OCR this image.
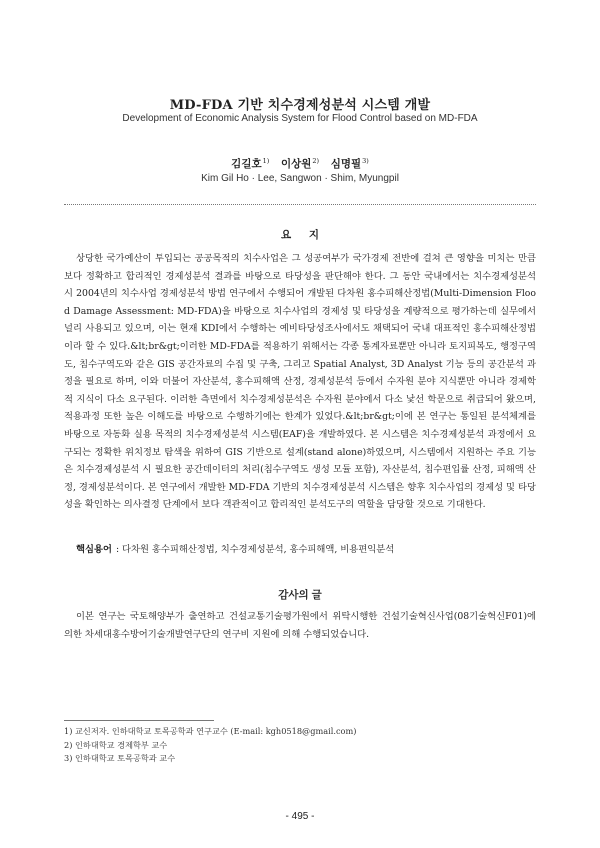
MD-FDA 기반 치수경제성분석 시스템 개발
Development of Economic Analysis System for Flood Control based on MD-FDA
김길호$^{1)}$ 이상원$^{2)}$ 심명필$^{3)}$
Kim Gil Ho · Lee, Sangwon · Shim, Myungpil
요 지
상당한 국가예산이 투입되는 공공목적의 치수사업은 그 성공여부가 국가경제 전반에 걸쳐 큰 영향을 미치는 만큼 보다 정확하고 합리적인 경제성분석 결과를 바탕으로 타당성을 판단해야 한다. 그 동안 국내에서는 치수경제성분석 시 2004년의 치수사업 경제성분석 방법 연구에서 수행되어 개발된 다차원 홍수피해산정법(Multi-Dimension Flood Damage Assessment: MD-FDA)을 바탕으로 치수사업의 경제성 및 타당성을 계량적으로 평가하는데 실무에서 널리 사용되고 있으며, 이는 현재 KDI에서 수행하는 예비타당성조사에서도 채택되어 국내 대표적인 홍수피해산정법이라 할 수 있다.&lt;br&gt;이러한 MD-FDA를 적용하기 위해서는 각종 통계자료뿐만 아니라 토지피복도, 행정구역도, 침수구역도와 같은 GIS 공간자료의 수집 및 구축, 그리고 Spatial Analyst, 3D Analyst 기능 등의 공간분석 과정을 필요로 하며, 이와 더불어 자산분석, 홍수피해액 산정, 경제성분석 등에서 수자원 분야 지식뿐만 아니라 경제학적 지식이 다소 요구된다. 이러한 측면에서 치수경제성분석은 수자원 분야에서 다소 낯선 학문으로 취급되어 왔으며, 적용과정 또한 높은 이해도를 바탕으로 수행하기에는 한계가 있었다.&lt;br&gt;이에 본 연구는 통일된 분석체계를 바탕으로 자동화 실용 목적의 치수경제성분석 시스템(EAF)을 개발하였다. 본 시스템은 치수경제성분석 과정에서 요구되는 정확한 위치정보 탐색을 위하여 GIS 기반으로 설계(stand alone)하였으며, 시스템에서 지원하는 주요 기능은 치수경제성분석 시 필요한 공간데이터의 처리(침수구역도 생성 모듈 포함), 자산분석, 침수편입률 산정, 피해액 산정, 경제성분석이다. 본 연구에서 개발한 MD-FDA 기반의 치수경제성분석 시스템은 향후 치수사업의 경제성 및 타당성을 확인하는 의사결정 단계에서 보다 객관적이고 합리적인 분석도구의 역할을 담당할 것으로 기대한다.
핵심용어 : 다차원 홍수피해산정법, 치수경제성분석, 홍수피해액, 비용편익분석
감사의 글
이본 연구는 국토해양부가 출연하고 건설교통기술평가원에서 위탁시행한 건설기술혁신사업(08기술혁신F01)에 의한 차세대홍수방어기술개발연구단의 연구비 지원에 의해 수행되었습니다.
1) 교신저자. 인하대학교 토목공학과 연구교수 (E-mail: kgh0518@gmail.com)
2) 인하대학교 경제학부 교수
3) 인하대학교 토목공학과 교수
- 495 -
